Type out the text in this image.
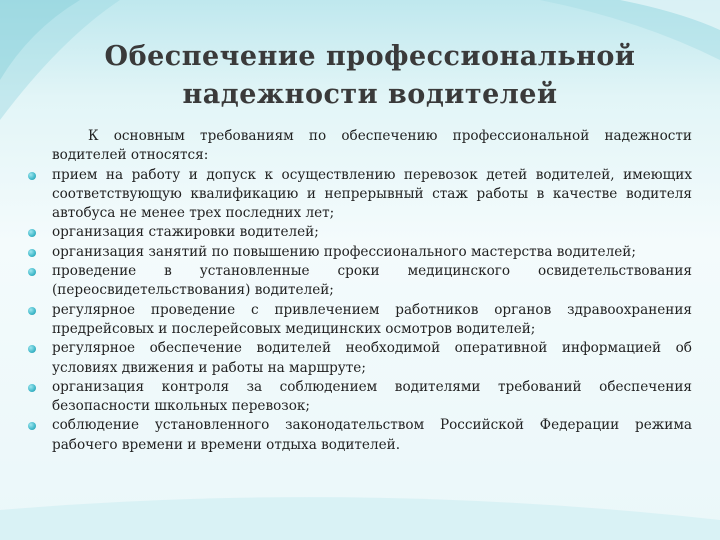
Обеспечение профессиональной
надежности водителей
К основным требованиям по обеспечению профессиональной надежности водителей относятся:
прием на работу и допуск к осуществлению перевозок детей водителей, имеющих соответствующую квалификацию и непрерывный стаж работы в качестве водителя автобуса не менее трех последних лет;
организация стажировки водителей;
организация занятий по повышению профессионального мастерства водителей;
проведение в установленные сроки медицинского освидетельствования (переосвидетельствования) водителей;
регулярное проведение с привлечением работников органов здравоохранения предрейсовых и послерейсовых медицинских осмотров водителей;
регулярное обеспечение водителей необходимой оперативной информацией об условиях движения и работы на маршруте;
организация контроля за соблюдением водителями требований обеспечения безопасности школьных перевозок;
соблюдение установленного законодательством Российской Федерации режима рабочего времени и времени отдыха водителей.
